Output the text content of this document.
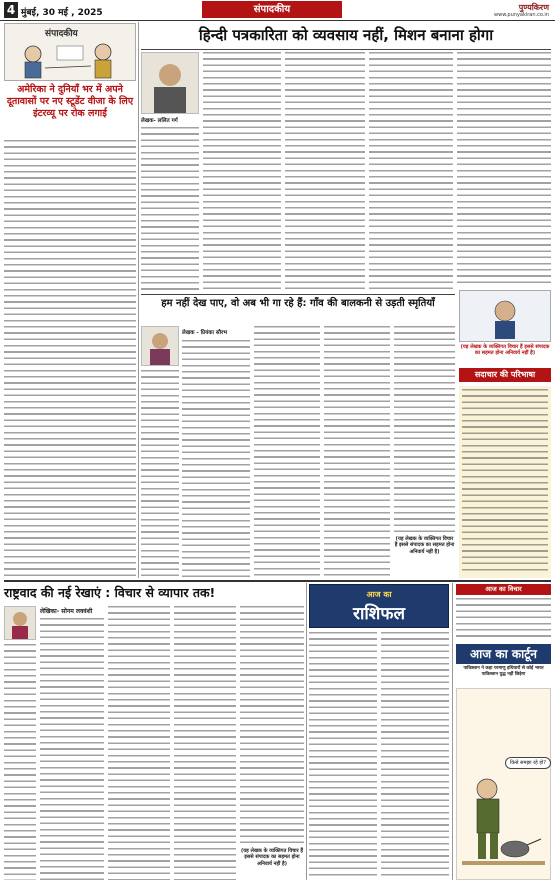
4 मुंबई, 30 मई , 2025	संपादकीय	पुण्यकिरण
www.punyakiran.co.in
संपादकीय
अमेरिका ने दुनियाँ भर में अपने दूतावासों पर नए स्टूडेंट वीजा के लिए इंटरव्यू पर रोक लगाई
हिन्दी पत्रकारिता को व्यवसाय नहीं, मिशन बनाना होगा
लेखक- ललित गर्ग
हम नहीं देख पाए, वो अब भी गा रहे हैं: गाँव की बालकनी से उड़ती स्मृतियाँ
लेखक - प्रियंका सौरभ
(यह लेखक के व्यक्तिगत विचार हैं इससे संपादक का सहमत होना अनिवार्य नहीं है)
(यह लेखक के व्यक्तिगत विचार हैं इससे संपादक का सहमत होना अनिवार्य नहीं है)
सदाचार की परिभाषा
राष्ट्रवाद की नई रेखाएं : विचार से व्यापार तक!
लेखिका- सोनम लववंशी
(यह लेखक के व्यक्तिगत विचार हैं इससे संपादक का सहमत होना अनिवार्य नहीं है)
आज का
राशिफल
आज का विचार
आज का कार्टून
पाकिस्तान ने कहा परमाणु हथियारों से कोई भारत पाकिस्तान युद्ध नहीं छिड़ेगा
किसे समझा रहे हो?
